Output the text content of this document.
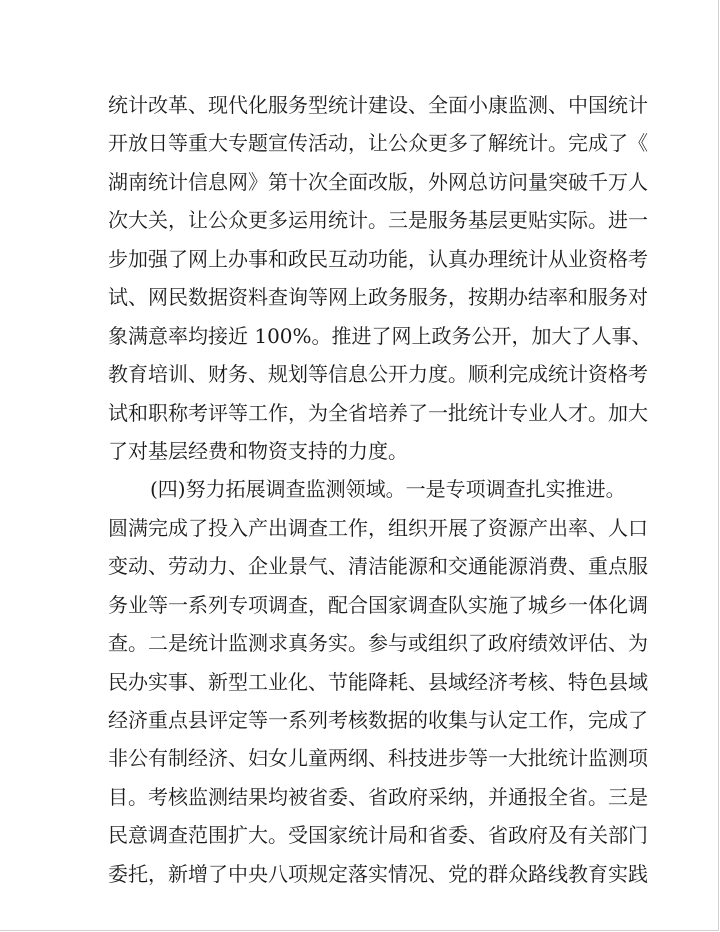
统计改革、现代化服务型统计建设、全面小康监测、中国统计
开放日等重大专题宣传活动，让公众更多了解统计。完成了《
湖南统计信息网》第十次全面改版，外网总访问量突破千万人
次大关，让公众更多运用统计。三是服务基层更贴实际。进一
步加强了网上办事和政民互动功能，认真办理统计从业资格考
试、网民数据资料查询等网上政务服务，按期办结率和服务对
象满意率均接近 100%。推进了网上政务公开，加大了人事、
教育培训、财务、规划等信息公开力度。顺利完成统计资格考
试和职称考评等工作，为全省培养了一批统计专业人才。加大
了对基层经费和物资支持的力度。
(四)努力拓展调查监测领域。一是专项调查扎实推进。
圆满完成了投入产出调查工作，组织开展了资源产出率、人口
变动、劳动力、企业景气、清洁能源和交通能源消费、重点服
务业等一系列专项调查，配合国家调查队实施了城乡一体化调
查。二是统计监测求真务实。参与或组织了政府绩效评估、为
民办实事、新型工业化、节能降耗、县域经济考核、特色县域
经济重点县评定等一系列考核数据的收集与认定工作，完成了
非公有制经济、妇女儿童两纲、科技进步等一大批统计监测项
目。考核监测结果均被省委、省政府采纳，并通报全省。三是
民意调查范围扩大。受国家统计局和省委、省政府及有关部门
委托，新增了中央八项规定落实情况、党的群众路线教育实践
